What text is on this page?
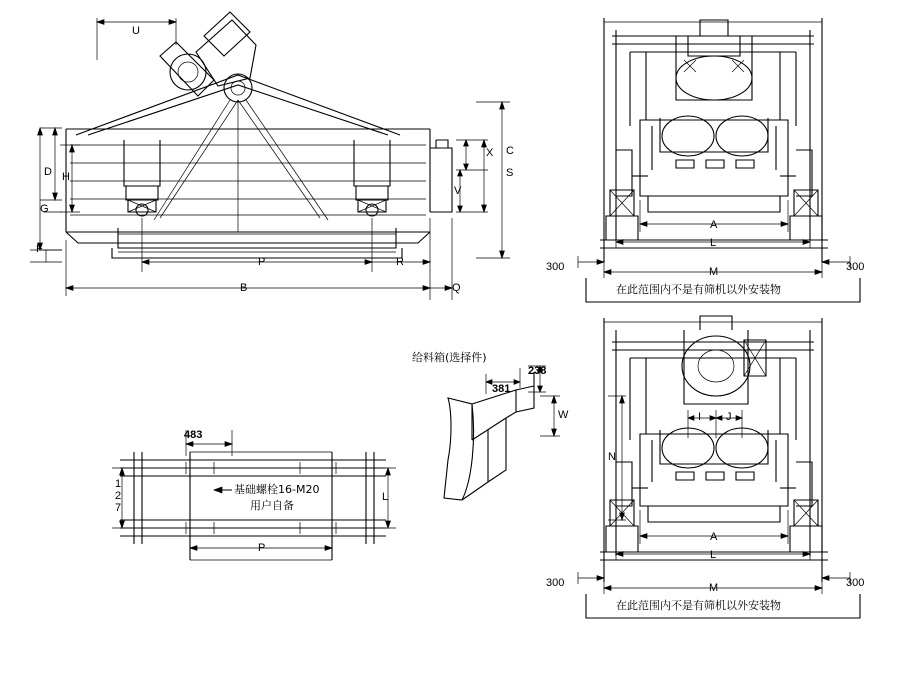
U
D H
G
F
C
X
S
V
P	R
B	Q
A
L
M
300	300
在此范围内不是有筛机以外安装物
I J
N
A
L
M
300	300
在此范围内不是有筛机以外安装物
给料箱(选择件)
381
238
W
483
127	基础螺栓16-M20
用户自备
L
P
